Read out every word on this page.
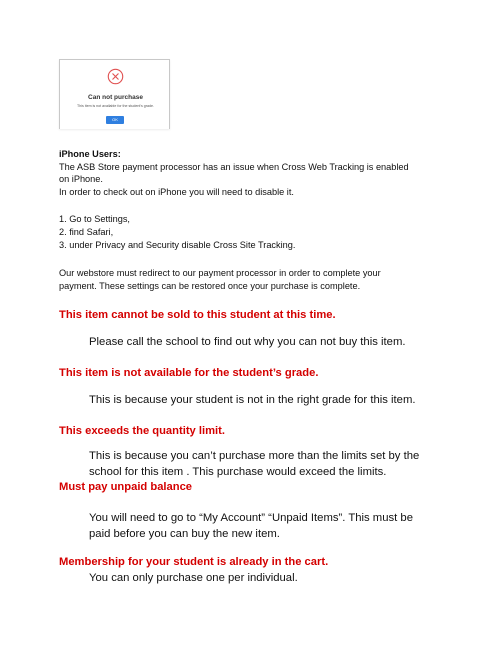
Can not purchase
This item is not available for the student's grade.
OK
iPhone Users:
The ASB Store payment processor has an issue when Cross Web Tracking is enabled
on iPhone.
In order to check out on iPhone you will need to disable it.
1. Go to Settings,
2. find Safari,
3. under Privacy and Security disable Cross Site Tracking.
Our webstore must redirect to our payment processor in order to complete your
payment. These settings can be restored once your purchase is complete.
This item cannot be sold to this student at this time.
Please call the school to find out why you can not buy this item.
This item is not available for the student’s grade.
This is because your student is not in the right grade for this item.
This exceeds the quantity limit.
This is because you can’t purchase more than the limits set by the
school for this item . This purchase would exceed the limits.
Must pay unpaid balance
You will need to go to “My Account” “Unpaid Items”. This must be
paid before you can buy the new item.
Membership for your student is already in the cart.
You can only purchase one per individual.
